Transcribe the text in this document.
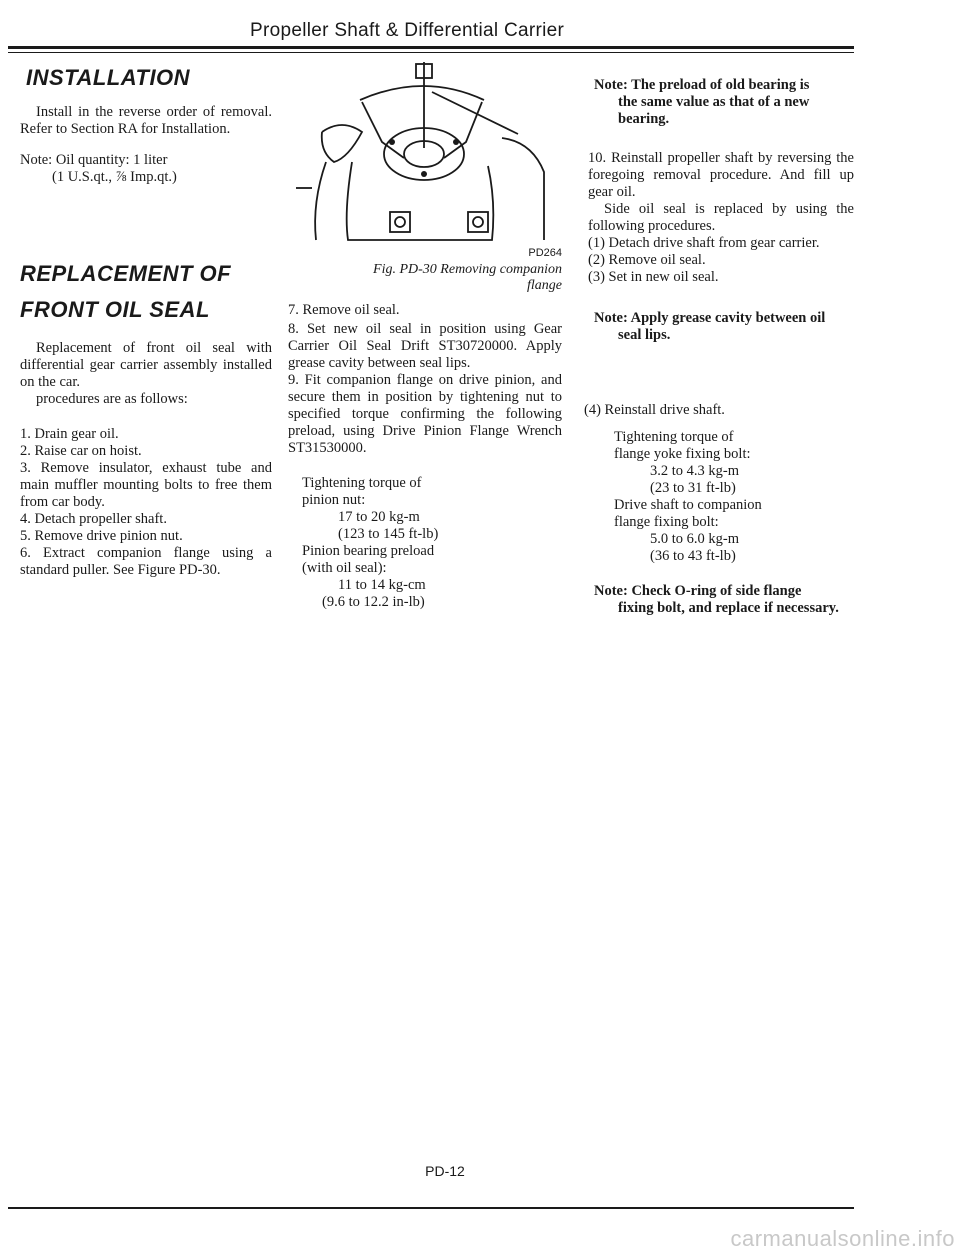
Propeller Shaft & Differential Carrier
INSTALLATION

Install in the reverse order of removal. Refer to Section RA for Installation.

Note: Oil quantity: 1 liter

(1 U.S.qt., ⅞ Imp.qt.)

REPLACEMENT OF
FRONT OIL SEAL

Replacement of front oil seal with differential gear carrier assembly installed on the car.

procedures are as follows:

1. Drain gear oil.

2. Raise car on hoist.

3. Remove insulator, exhaust tube and main muffler mounting bolts to free them from car body.

4. Detach propeller shaft.

5. Remove drive pinion nut.

6. Extract companion flange using a standard puller. See Figure PD-30.

PD264

Fig. PD-30 Removing companion

flange

7. Remove oil seal.

8. Set new oil seal in position using Gear Carrier Oil Seal Drift ST30720000. Apply grease cavity between seal lips.

9. Fit companion flange on drive pinion, and secure them in position by tightening nut to specified torque confirming the following preload, using Drive Pinion Flange Wrench ST31530000.

Tightening torque of

pinion nut:

17 to 20 kg-m

(123 to 145 ft-lb)

Pinion bearing preload

(with oil seal):

11 to 14 kg-cm

(9.6 to 12.2 in-lb)

Note: The preload of old bearing is

the same value as that of a new bearing.

10. Reinstall propeller shaft by reversing the foregoing removal procedure. And fill up gear oil.

Side oil seal is replaced by using the following procedures.

(1) Detach drive shaft from gear carrier.

(2) Remove oil seal.

(3) Set in new oil seal.

Note: Apply grease cavity between oil

seal lips.

(4) Reinstall drive shaft.

Tightening torque of

flange yoke fixing bolt:

3.2 to 4.3 kg-m

(23 to 31 ft-lb)

Drive shaft to companion

flange fixing bolt:

5.0 to 6.0 kg-m

(36 to 43 ft-lb)

Note: Check O-ring of side flange

fixing bolt, and replace if necessary.

PD-12
carmanualsonline.info
